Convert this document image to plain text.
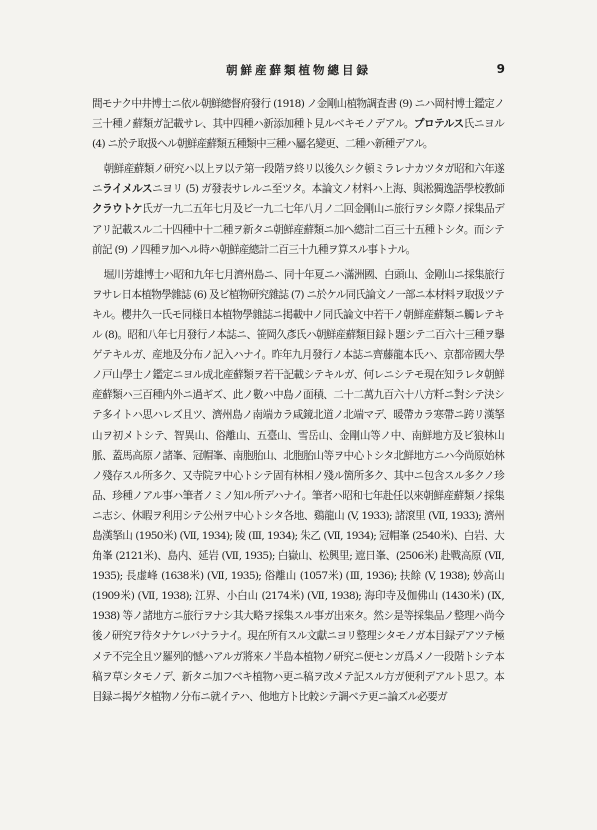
朝鮮産蘚類植物總目録	9

間モナク中井博士ニ依ル朝鮮總督府發行 (1918) ノ金剛山植物調査書 (9) ニハ岡村博士鑑定ノ三十種ノ蘚類ガ記載サレ、其中四種ハ新添加種ト見ルベキモノデアル。プロテルス氏ニヨル (4) ニ於テ取扱ヘル朝鮮産蘚類五種類中三種ハ屬名變更、二種ハ新種デアル。

朝鮮産蘚類ノ研究ハ以上ヲ以テ第一段階ヲ終リ以後久シク頓ミラレナカツタガ昭和六年遂ニライメルスニヨリ (5) ガ發表サレルニ至ツタ。本論文ノ材料ハ上海、與淞獨逸語學校教師クラウトケ氏ガ一九二五年七月及ビ一九二七年八月ノ二回金剛山ニ旅行ヲシタ際ノ採集品デアリ記載スル二十四種中十二種ヲ新タニ朝鮮産蘚類ニ加ヘ總計二百三十五種トシタ。而シテ前記 (9) ノ四種ヲ加ヘル時ハ朝鮮産總計二百三十九種ヲ算スル事トナル。

堀川芳雄博士ハ昭和九年七月濟州島ニ、同十年夏ニハ滿洲國、白頭山、金剛山ニ採集旅行ヲサレ日本植物學雜誌 (6) 及ビ植物研究雜誌 (7) ニ於ケル同氏論文ノ一部ニ本材料ヲ取扱ツテキル。櫻井久一氏モ同様日本植物學雜誌ニ掲載中ノ同氏論文中若干ノ朝鮮産蘚類ニ觸レテキル (8)。昭和八年七月發行ノ本誌ニ、笹岡久彥氏ハ朝鮮産蘚類目録ト題シテ二百六十三種ヲ擧ゲテキルガ、産地及分布ノ記入ハナイ。昨年九月發行ノ本誌ニ齊藤龍本氏ハ、京都帝國大學ノ戸山學士ノ鑑定ニヨル成北産蘚類ヲ若干記載シテキルガ、何レニシテモ現在知ラレタ朝鮮産蘚類ハ三百種内外ニ過ギズ、此ノ數ハ中島ノ面積、二十二萬九百六十八方粁ニ對シテ決シテ多イトハ思ハレズ且ツ、濟州島ノ南端カラ咸鏡北道ノ北端マデ、暖帶カラ寒帶ニ跨リ漢拏山ヲ初メトシテ、智異山、俗離山、五臺山、雪岳山、金剛山等ノ中、南鮮地方及ビ狼林山脈、蓋馬高原ノ諸峯、冠帽峯、南胞胎山、北胞胎山等ヲ中心トシタ北鮮地方ニハ今尚原始林ノ殘存スル所多ク、又寺院ヲ中心トシテ固有林相ノ殘ル箇所多ク、其中ニ包含スル多クノ珍品、珍種ノアル事ハ筆者ノミノ知ル所デハナイ。筆者ハ昭和七年赴任以來朝鮮産蘚類ノ採集ニ志シ、休暇ヲ利用シテ公州ヲ中心トシタ各地、鷄龍山 (V, 1933); 諸滾里 (Ⅶ, 1933); 濟州島漢拏山 (1950米) (Ⅶ, 1934); 陵 (Ⅲ, 1934); 朱乙 (Ⅶ, 1934); 冠帽峯 (2540米)、白岩、大角峯 (2121米)、島内、延岩 (Ⅶ, 1935); 白嶽山、松興里; 遮日峯、(2506米) 赴戰高原 (Ⅶ, 1935); 長虚峰 (1638米) (Ⅶ, 1935); 俗離山 (1057米) (Ⅲ, 1936); 扶餘 (V, 1938); 妙高山 (1909米) (Ⅶ, 1938); 江界、小白山 (2174米) (Ⅶ, 1938); 海印寺及伽佛山 (1430米) (Ⅸ, 1938) 等ノ諸地方ニ旅行ヲナシ其大略ヲ採集スル事ガ出來タ。然シ是等採集品ノ整理ハ尚今後ノ研究ヲ待タナケレバナラナイ。現在所有スル文獻ニヨリ整理シタモノガ本目録デアツテ極メテ不完全且ツ羅列的憾ハアルガ將來ノ半島本植物ノ研究ニ便センガ爲メノ一段階トシテ本稿ヲ草シタモノデ、新タニ加フベキ植物ハ更ニ稿ヲ改メテ記スル方ガ便利デアルト思フ。本目録ニ揭ゲタ植物ノ分布ニ就イテハ、他地方ト比較シテ調ベテ更ニ論ズル必要ガ
